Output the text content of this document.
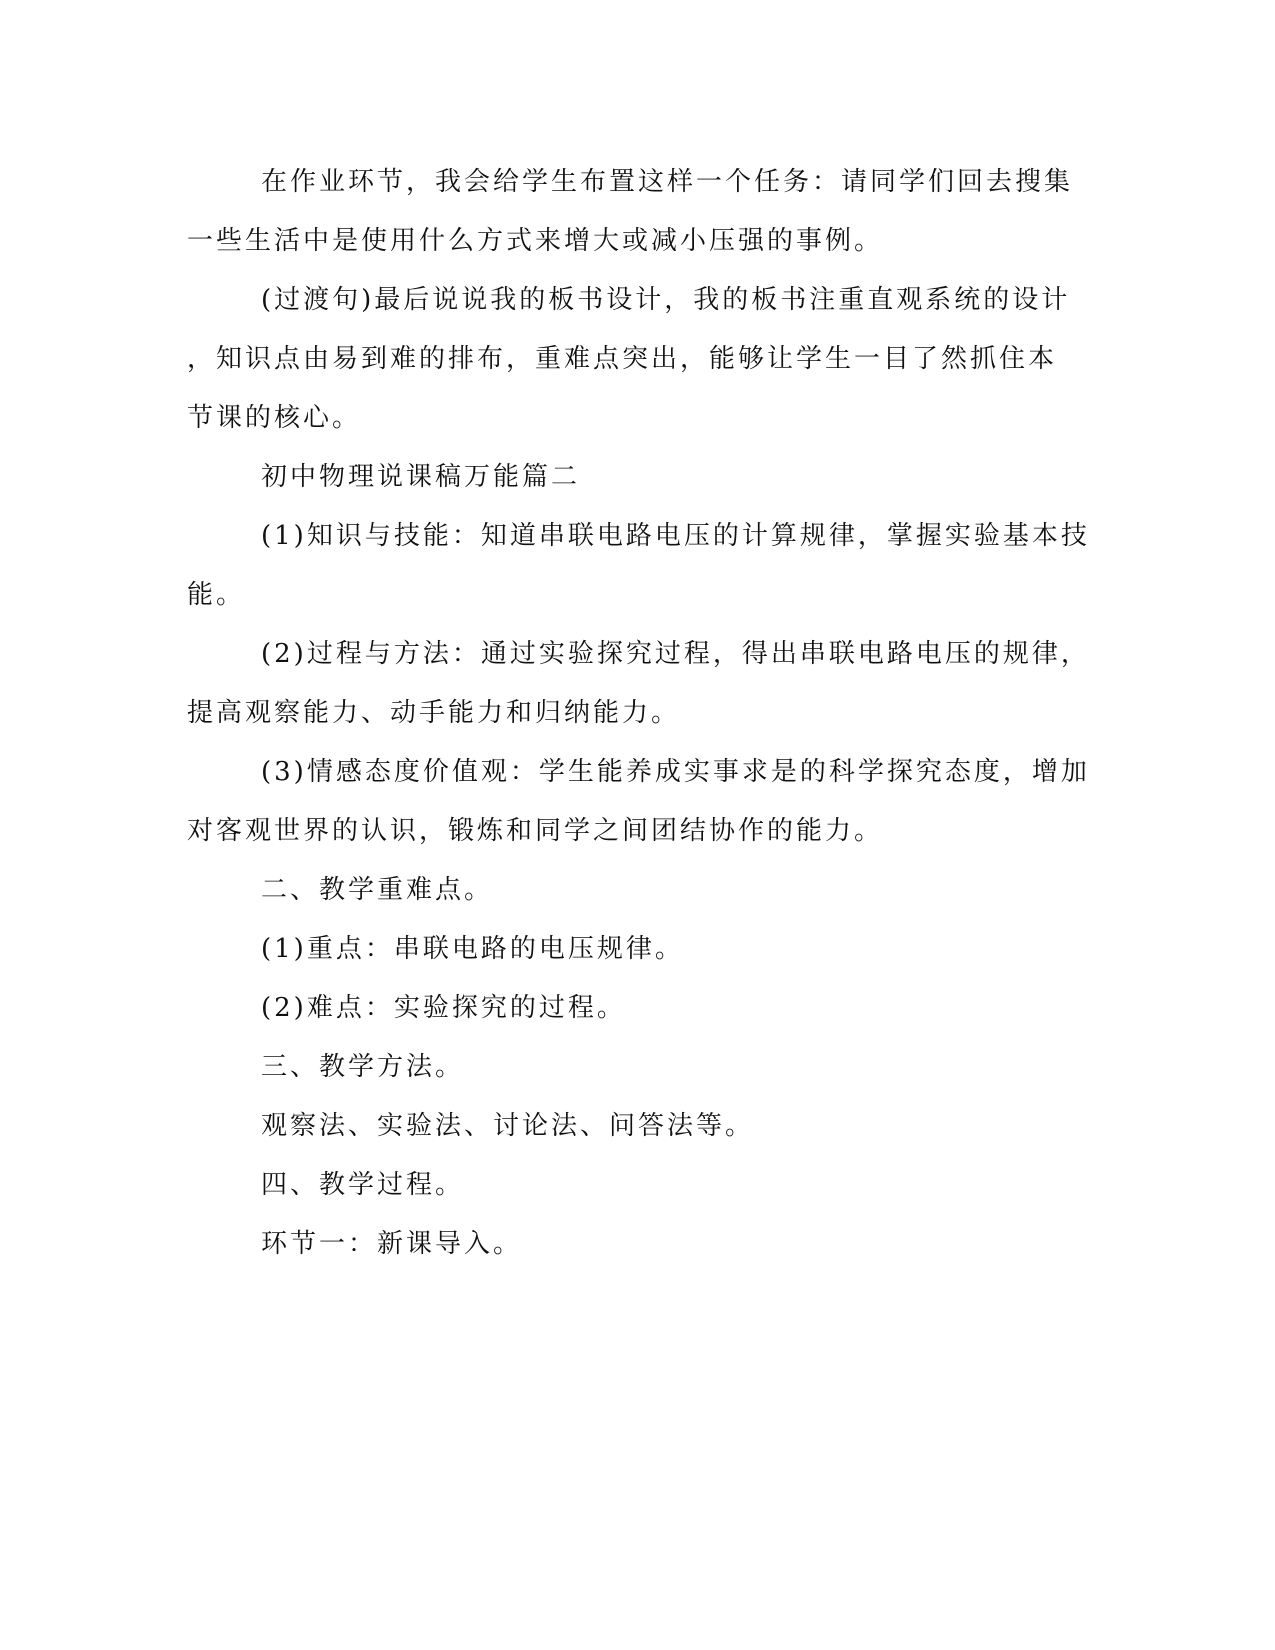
在作业环节，我会给学生布置这样一个任务：请同学们回去搜集
一些生活中是使用什么方式来增大或减小压强的事例。
(过渡句)最后说说我的板书设计，我的板书注重直观系统的设计
，知识点由易到难的排布，重难点突出，能够让学生一目了然抓住本
节课的核心。
初中物理说课稿万能篇二
(1)知识与技能：知道串联电路电压的计算规律，掌握实验基本技
能。
(2)过程与方法：通过实验探究过程，得出串联电路电压的规律，
提高观察能力、动手能力和归纳能力。
(3)情感态度价值观：学生能养成实事求是的科学探究态度，增加
对客观世界的认识，锻炼和同学之间团结协作的能力。
二、教学重难点。
(1)重点：串联电路的电压规律。
(2)难点：实验探究的过程。
三、教学方法。
观察法、实验法、讨论法、问答法等。
四、教学过程。
环节一：新课导入。
